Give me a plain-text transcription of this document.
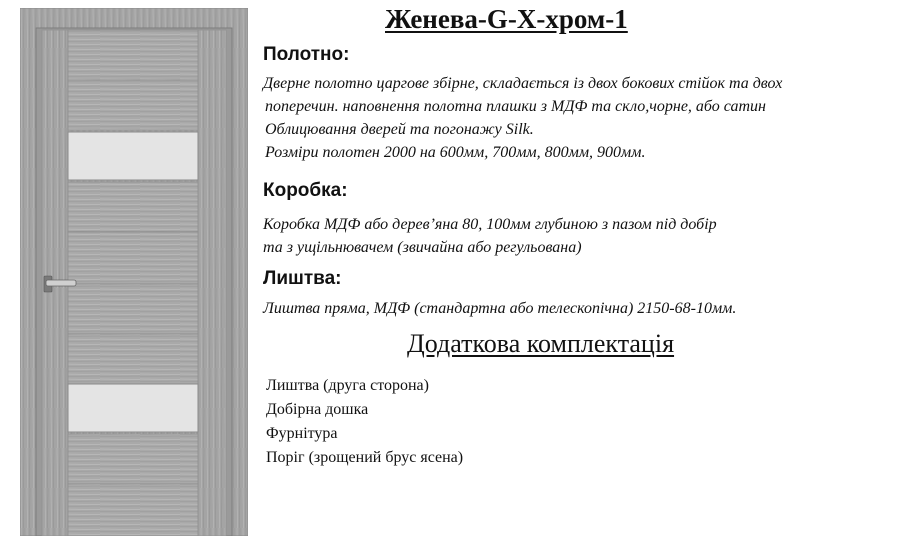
Женева-G-X-хром-1
Полотно:
Дверне полотно царгове збірне, складається із двох бокових стійок та двох
поперечин. наповнення полотна плашки з МДФ та скло,чорне, або сатин
Облицювання дверей та погонажу Silk.
Розміри полотен 2000 на 600мм, 700мм, 800мм, 900мм.
Коробка:
Коробка МДФ або дерев’яна 80, 100мм глубиною з пазом під добір
та з ущільнювачем (звичайна або регульована)
Лиштва:
Лиштва пряма, МДФ (стандартна або телескопічна) 2150-68-10мм.
Додаткова комплектація
Лиштва (друга сторона)
Добірна дошка
Фурнітура
Поріг (зрощений брус ясена)
